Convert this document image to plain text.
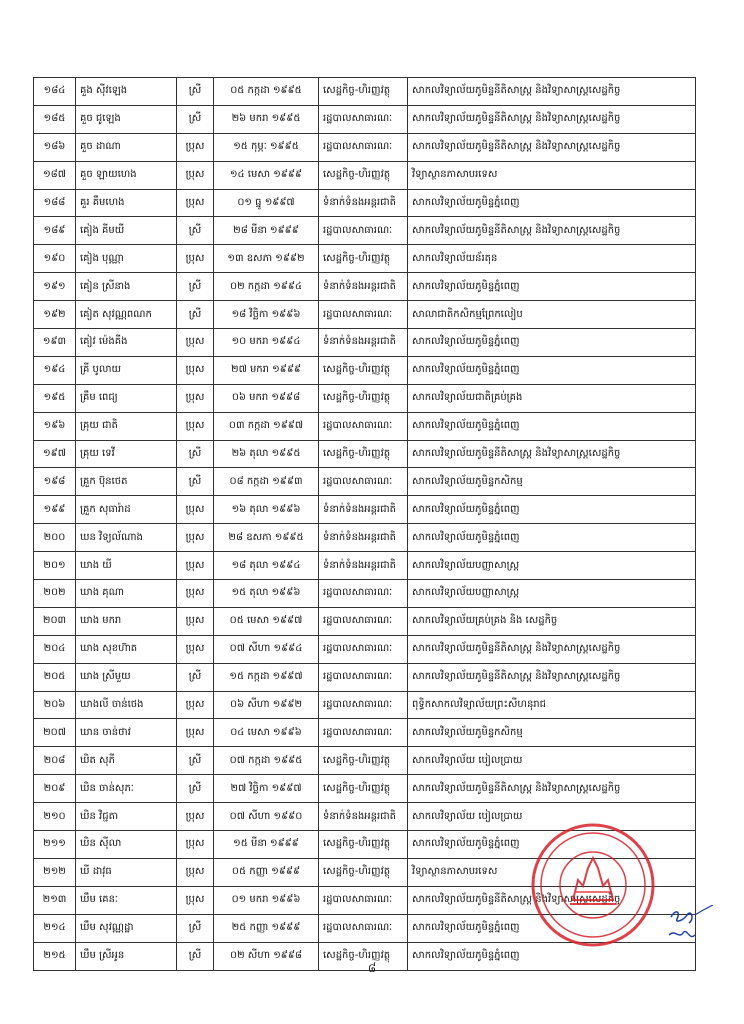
១៨៤	គួង ស៊ីវឡេង	ស្រី	០៥ កក្កដា ១៩៩៥	សេដ្ឋកិច្ច-ហិរញ្ញវត្ថុ	សាកលវិទ្យាល័យភូមិន្ទនីតិសាស្ត្រ និងវិទ្យាសាស្ត្រសេដ្ឋកិច្ច
១៨៥	គួច ជូឡេង	ស្រី	២៦ មករា ១៩៩៥	រដ្ឋបាលសាធារណៈ	សាកលវិទ្យាល័យភូមិន្ទនីតិសាស្ត្រ និងវិទ្យាសាស្ត្រសេដ្ឋកិច្ច
១៨៦	គួច ដាណា	ប្រុស	១៥ កុម្ភៈ ១៩៩៥	រដ្ឋបាលសាធារណៈ	សាកលវិទ្យាល័យភូមិន្ទនីតិសាស្ត្រ និងវិទ្យាសាស្ត្រសេដ្ឋកិច្ច
១៨៧	គួច ឡាយហេង	ប្រុស	១៤ មេសា ១៩៩៩	សេដ្ឋកិច្ច-ហិរញ្ញវត្ថុ	វិទ្យាស្ថានភាសាបរទេស
១៨៨	គួរ គឹមហេង	ប្រុស	០១ ធ្នូ ១៩៩៧	ទំនាក់ទំនងអន្តរជាតិ	សាកលវិទ្យាល័យភូមិន្ទភ្នំពេញ
១៨៩	គៀង គីមយី	ស្រី	២៨ មីនា ១៩៩៩	រដ្ឋបាលសាធារណៈ	សាកលវិទ្យាល័យភូមិន្ទនីតិសាស្ត្រ និងវិទ្យាសាស្ត្រសេដ្ឋកិច្ច
១៩០	គៀង បុណ្ណា	ប្រុស	១៣ ឧសភា ១៩៩២	សេដ្ឋកិច្ច-ហិរញ្ញវត្ថុ	សាកលវិទ្យាល័យន័រតុន
១៩១	គៀន ស្រីនាង	ស្រី	០២ កក្កដា ១៩៩៤	ទំនាក់ទំនងអន្តរជាតិ	សាកលវិទ្យាល័យភូមិន្ទភ្នំពេញ
១៩២	គៀត សុវណ្ណពណក	ស្រី	១៨ វិច្ឆិកា ១៩៩៦	រដ្ឋបាលសាធារណៈ	សាលាជាតិកសិកម្មព្រែកលៀប
១៩៣	គៀវ ម៉េងគីង	ប្រុស	១០ មករា ១៩៩៤	ទំនាក់ទំនងអន្តរជាតិ	សាកលវិទ្យាល័យភូមិន្ទភ្នំពេញ
១៩៤	គ្រី បូលាយ	ប្រុស	២៧ មករា ១៩៩៩	សេដ្ឋកិច្ច-ហិរញ្ញវត្ថុ	សាកលវិទ្យាល័យភូមិន្ទភ្នំពេញ
១៩៥	គ្រឹម ពេជ្យ	ប្រុស	០៦ មករា ១៩៩៨	សេដ្ឋកិច្ច-ហិរញ្ញវត្ថុ	សាកលវិទ្យាល័យជាតិគ្រប់គ្រង
១៩៦	គ្រុយ ជាតិ	ប្រុស	០៣ កក្កដា ១៩៩៧	រដ្ឋបាលសាធារណៈ	សាកលវិទ្យាល័យភូមិន្ទភ្នំពេញ
១៩៧	គ្រុយ ទេវី	ស្រី	២៦ តុលា ១៩៩៥	សេដ្ឋកិច្ច-ហិរញ្ញវត្ថុ	សាកលវិទ្យាល័យភូមិន្ទនីតិសាស្ត្រ និងវិទ្យាសាស្ត្រសេដ្ឋកិច្ច
១៩៨	គ្រួក ប៊ុនថេត	ស្រី	០៨ កក្កដា ១៩៩៣	រដ្ឋបាលសាធារណៈ	សាកលវិទ្យាល័យភូមិន្ទកសិកម្ម
១៩៩	គ្រួក សុធារ៉ាដ	ប្រុស	១៦ តុលា ១៩៩៦	ទំនាក់ទំនងអន្តរជាតិ	សាកលវិទ្យាល័យភូមិន្ទភ្នំពេញ
២០០	ឃន វិទ្យល័ណាង	ប្រុស	២៨ ឧសភា ១៩៩៥	ទំនាក់ទំនងអន្តរជាតិ	សាកលវិទ្យាល័យភូមិន្ទភ្នំពេញ
២០១	ឃាង យី	ប្រុស	១៨ តុលា ១៩៩៤	ទំនាក់ទំនងអន្តរជាតិ	សាកលវិទ្យាល័យបញ្ញាសាស្ត្រ
២០២	ឃាង គុណា	ប្រុស	១៥ តុលា ១៩៩៦	រដ្ឋបាលសាធារណៈ	សាកលវិទ្យាល័យបញ្ញាសាស្ត្រ
២០៣	ឃាង មករា	ប្រុស	០៥ មេសា ១៩៩៧	រដ្ឋបាលសាធារណៈ	សាកលវិទ្យាល័យគ្រប់គ្រង និង សេដ្ឋកិច្ច
២០៤	ឃាង សុខហ៊ាត	ប្រុស	០៧ សីហា ១៩៩៤	រដ្ឋបាលសាធារណៈ	សាកលវិទ្យាល័យភូមិន្ទនីតិសាស្ត្រ និងវិទ្យាសាស្ត្រសេដ្ឋកិច្ច
២០៥	ឃាង ស្រីមួយ	ស្រី	១៥ កក្កដា ១៩៩៧	រដ្ឋបាលសាធារណៈ	សាកលវិទ្យាល័យភូមិន្ទនីតិសាស្ត្រ និងវិទ្យាសាស្ត្រសេដ្ឋកិច្ច
២០៦	ឃាងលី ចាន់ថេង	ប្រុស	០៦ សីហា ១៩៩២	រដ្ឋបាលសាធារណៈ	ពុទ្ធិកសាកលវិទ្យាល័យព្រះសីហនុរាជ
២០៧	ឃាន ចាន់ថាវ	ប្រុស	០៤ មេសា ១៩៩៦	រដ្ឋបាលសាធារណៈ	សាកលវិទ្យាល័យភូមិន្ទកសិកម្ម
២០៨	ឃិត សុភី	ស្រី	០៧ កក្កដា ១៩៩៥	សេដ្ឋកិច្ច-ហិរញ្ញវត្ថុ	សាកលវិទ្យាល័យ បៀលប្រាយ
២០៩	ឃិន ចាន់សុភៈ	ស្រី	២៧ វិច្ឆិកា ១៩៩៧	សេដ្ឋកិច្ច-ហិរញ្ញវត្ថុ	សាកលវិទ្យាល័យភូមិន្ទនីតិសាស្ត្រ និងវិទ្យាសាស្ត្រសេដ្ឋកិច្ច
២១០	ឃិន វិជ្ជតា	ប្រុស	០៧ សីហា ១៩៩០	ទំនាក់ទំនងអន្តរជាតិ	សាកលវិទ្យាល័យ បៀលប្រាយ
២១១	ឃិន ស៊ីលា	ប្រុស	១៥ មីនា ១៩៩៩	សេដ្ឋកិច្ច-ហិរញ្ញវត្ថុ	សាកលវិទ្យាល័យភូមិន្ទភ្នំពេញ
២១២	ឃី ដាវុធ	ប្រុស	០៥ កញ្ញា ១៩៩៩	សេដ្ឋកិច្ច-ហិរញ្ញវត្ថុ	វិទ្យាស្ថានភាសាបរទេស
២១៣	ឃឹម គេនៈ	ប្រុស	០១ មករា ១៩៩៦	រដ្ឋបាលសាធារណៈ	សាកលវិទ្យាល័យភូមិន្ទនីតិសាស្ត្រ និងវិទ្យាសាស្ត្រសេដ្ឋកិច្ច
២១៤	ឃឹម សុវណ្ណដ្ឋា	ស្រី	២៥ កញ្ញា ១៩៩៩	រដ្ឋបាលសាធារណៈ	សាកលវិទ្យាល័យភូមិន្ទភ្នំពេញ
២១៥	ឃឹម ស្រីអូន	ស្រី	០២ សីហា ១៩៩៨	សេដ្ឋកិច្ច-ហិរញ្ញវត្ថុ	សាកលវិទ្យាល័យភូមិន្ទភ្នំពេញ
៨
